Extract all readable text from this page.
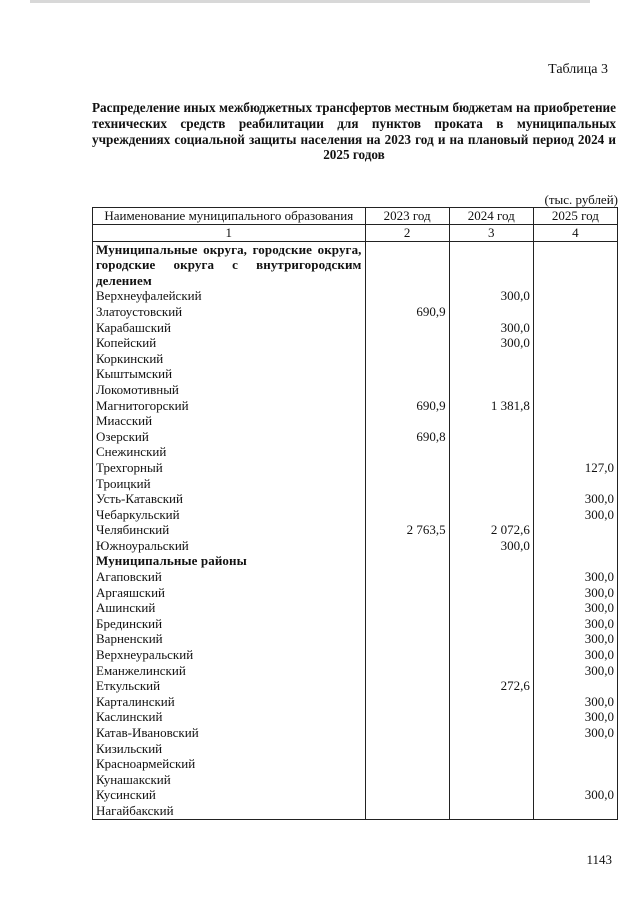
Таблица 3
Распределение иных межбюджетных трансфертов местным бюджетам на приобретение технических средств реабилитации для пунктов проката в муниципальных учреждениях социальной защиты населения на 2023 год и на плановый период 2024 и 2025 годов
(тыс. рублей)
Наименование муниципального образования	2023 год	2024 год	2025 год
1	2	3	4
Муниципальные округа, городские округа, городские округа с внутригородским делением			
Верхнеуфалейский		300,0	
Златоустовский	690,9		
Карабашский		300,0	
Копейский		300,0	
Коркинский			
Кыштымский			
Локомотивный			
Магнитогорский	690,9	1 381,8	
Миасский			
Озерский	690,8		
Снежинский			
Трехгорный			127,0
Троицкий			
Усть-Катавский			300,0
Чебаркульский			300,0
Челябинский	2 763,5	2 072,6	
Южноуральский		300,0	
Муниципальные районы			
Агаповский			300,0
Аргаяшский			300,0
Ашинский			300,0
Брединский			300,0
Варненский			300,0
Верхнеуральский			300,0
Еманжелинский			300,0
Еткульский		272,6	
Карталинский			300,0
Каслинский			300,0
Катав-Ивановский			300,0
Кизильский			
Красноармейский			
Кунашакский			
Кусинский			300,0
Нагайбакский			
1143
